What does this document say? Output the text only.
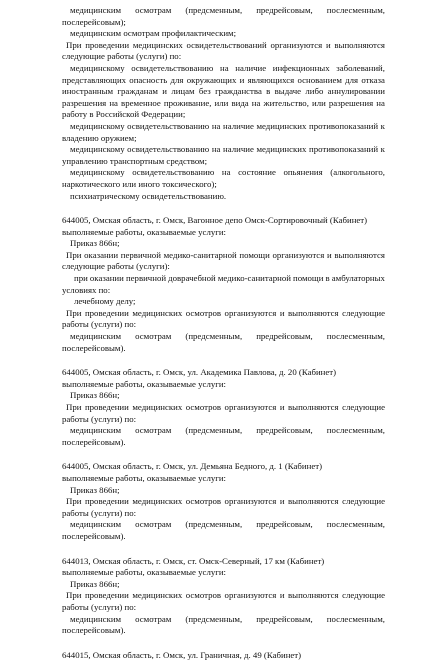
медицинским осмотрам (предсменным, предрейсовым, послесменным,
послерейсовым);
медицинским осмотрам профилактическим;
При проведении медицинских освидетельствований организуются и выполняются
следующие работы (услуги) по:
медицинскому освидетельствованию на наличие инфекционных заболеваний,
представляющих опасность для окружающих и являющихся основанием для отказа
иностранным гражданам и лицам без гражданства в выдаче либо аннулировании
разрешения на временное проживание, или вида на жительство, или разрешения на
работу в Российской Федерации;
медицинскому освидетельствованию на наличие медицинских противопоказаний к
владению оружием;
медицинскому освидетельствованию на наличие медицинских противопоказаний к
управлению транспортным средством;
медицинскому освидетельствованию на состояние опьянения (алкогольного,
наркотического или иного токсического);
психиатрическому освидетельствованию.
644005, Омская область, г. Омск, Вагонное депо Омск-Сортировочный (Кабинет)
выполняемые работы, оказываемые услуги:
Приказ 866н;
При оказании первичной медико-санитарной помощи организуются и выполняются
следующие работы (услуги):
при оказании первичной доврачебной медико-санитарной помощи в амбулаторных
условиях по:
лечебному делу;
При проведении медицинских осмотров организуются и выполняются следующие
работы (услуги) по:
медицинским осмотрам (предсменным, предрейсовым, послесменным,
послерейсовым).
644005, Омская область, г. Омск, ул. Академика Павлова, д. 20 (Кабинет)
выполняемые работы, оказываемые услуги:
Приказ 866н;
При проведении медицинских осмотров организуются и выполняются следующие
работы (услуги) по:
медицинским осмотрам (предсменным, предрейсовым, послесменным,
послерейсовым).
644005, Омская область, г. Омск, ул. Демьяна Бедного, д. 1 (Кабинет)
выполняемые работы, оказываемые услуги:
Приказ 866н;
При проведении медицинских осмотров организуются и выполняются следующие
работы (услуги) по:
медицинским осмотрам (предсменным, предрейсовым, послесменным,
послерейсовым).
644013, Омская область, г. Омск, ст. Омск-Северный, 17 км (Кабинет)
выполняемые работы, оказываемые услуги:
Приказ 866н;
При проведении медицинских осмотров организуются и выполняются следующие
работы (услуги) по:
медицинским осмотрам (предсменным, предрейсовым, послесменным,
послерейсовым).
644015, Омская область, г. Омск, ул. Граничная, д. 49 (Кабинет)
